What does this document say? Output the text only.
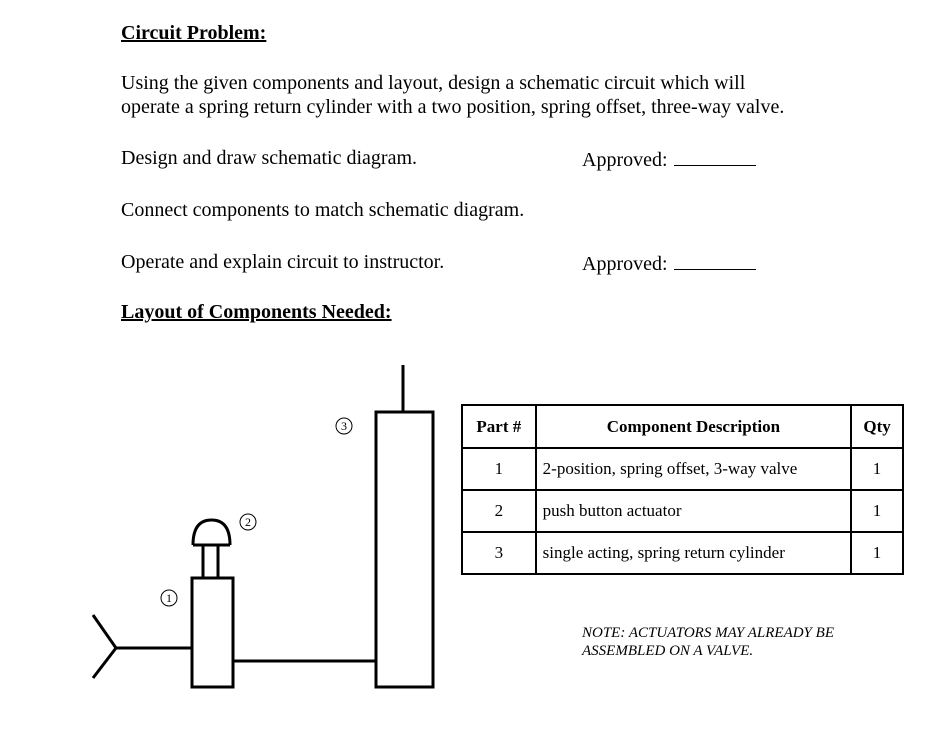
Circuit Problem:
Using the given components and layout, design a schematic circuit which will
operate a spring return cylinder with a two position, spring offset, three-way valve.
Design and draw schematic diagram.	Approved:
Connect components to match schematic diagram.
Operate and explain circuit to instructor.	Approved:
Layout of Components Needed:
3
2
1
Part #	Component Description	Qty
1	2-position, spring offset, 3-way valve	1
2	push button actuator	1
3	single acting, spring return cylinder	1
NOTE: ACTUATORS MAY ALREADY BE
ASSEMBLED ON A VALVE.
